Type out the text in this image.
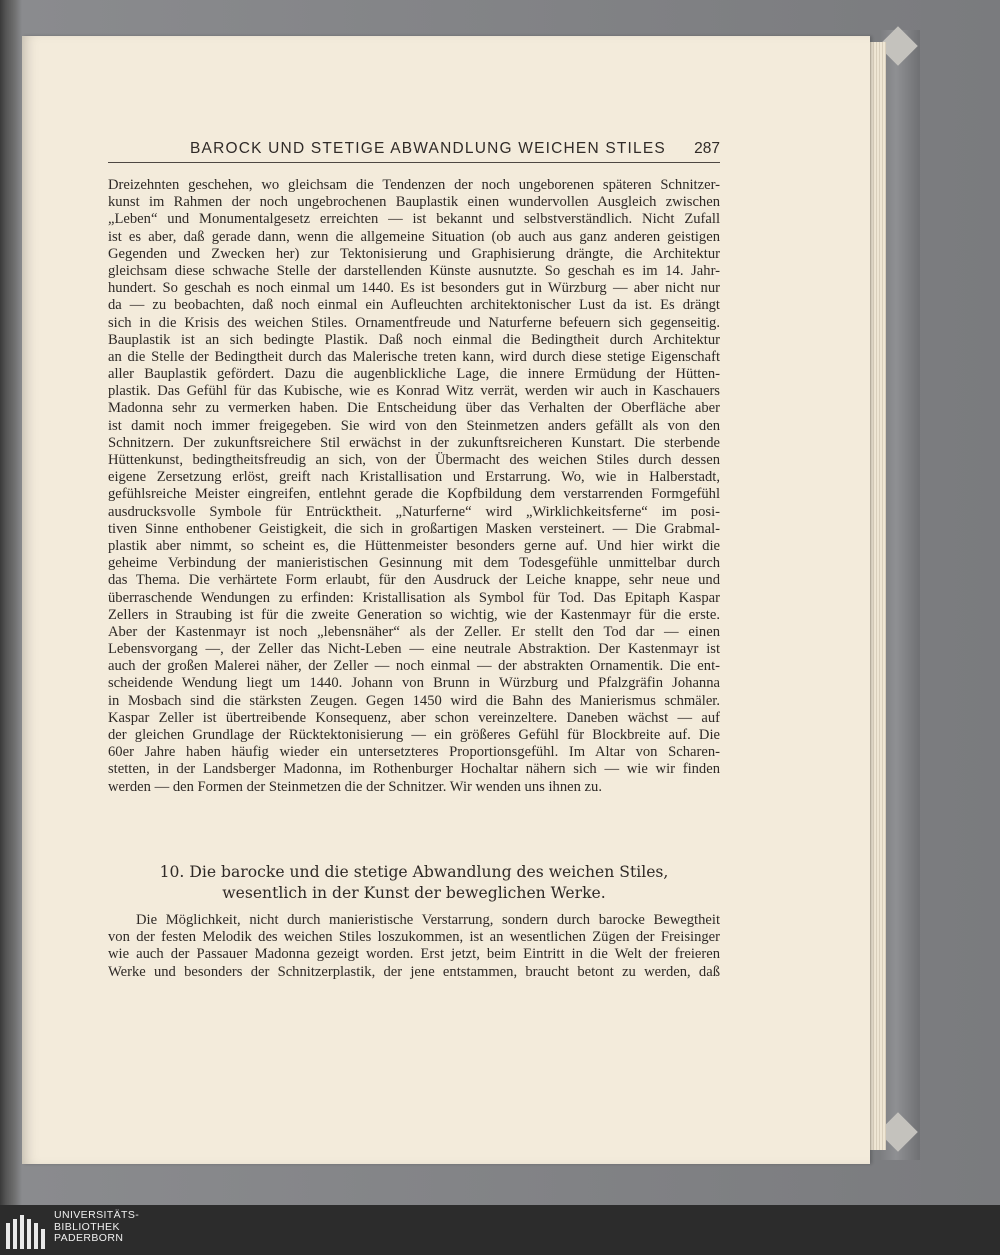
BAROCK UND STETIGE ABWANDLUNG WEICHEN STILES 287
Dreizehnten geschehen, wo gleichsam die Tendenzen der noch ungeborenen späteren Schnitzer-
kunst im Rahmen der noch ungebrochenen Bauplastik einen wundervollen Ausgleich zwischen
„Leben“ und Monumentalgesetz erreichten — ist bekannt und selbstverständlich. Nicht Zufall
ist es aber, daß gerade dann, wenn die allgemeine Situation (ob auch aus ganz anderen geistigen
Gegenden und Zwecken her) zur Tektonisierung und Graphisierung drängte, die Architektur
gleichsam diese schwache Stelle der darstellenden Künste ausnutzte. So geschah es im 14. Jahr-
hundert. So geschah es noch einmal um 1440. Es ist besonders gut in Würzburg — aber nicht nur
da — zu beobachten, daß noch einmal ein Aufleuchten architektonischer Lust da ist. Es drängt
sich in die Krisis des weichen Stiles. Ornamentfreude und Naturferne befeuern sich gegenseitig.
Bauplastik ist an sich bedingte Plastik. Daß noch einmal die Bedingtheit durch Architektur
an die Stelle der Bedingtheit durch das Malerische treten kann, wird durch diese stetige Eigenschaft
aller Bauplastik gefördert. Dazu die augenblickliche Lage, die innere Ermüdung der Hütten-
plastik. Das Gefühl für das Kubische, wie es Konrad Witz verrät, werden wir auch in Kaschauers
Madonna sehr zu vermerken haben. Die Entscheidung über das Verhalten der Oberfläche aber
ist damit noch immer freigegeben. Sie wird von den Steinmetzen anders gefällt als von den
Schnitzern. Der zukunftsreichere Stil erwächst in der zukunftsreicheren Kunstart. Die sterbende
Hüttenkunst, bedingtheitsfreudig an sich, von der Übermacht des weichen Stiles durch dessen
eigene Zersetzung erlöst, greift nach Kristallisation und Erstarrung. Wo, wie in Halberstadt,
gefühlsreiche Meister eingreifen, entlehnt gerade die Kopfbildung dem verstarrenden Formgefühl
ausdrucksvolle Symbole für Entrücktheit. „Naturferne“ wird „Wirklichkeitsferne“ im posi-
tiven Sinne enthobener Geistigkeit, die sich in großartigen Masken versteinert. — Die Grabmal-
plastik aber nimmt, so scheint es, die Hüttenmeister besonders gerne auf. Und hier wirkt die
geheime Verbindung der manieristischen Gesinnung mit dem Todesgefühle unmittelbar durch
das Thema. Die verhärtete Form erlaubt, für den Ausdruck der Leiche knappe, sehr neue und
überraschende Wendungen zu erfinden: Kristallisation als Symbol für Tod. Das Epitaph Kaspar
Zellers in Straubing ist für die zweite Generation so wichtig, wie der Kastenmayr für die erste.
Aber der Kastenmayr ist noch „lebensnäher“ als der Zeller. Er stellt den Tod dar — einen
Lebensvorgang —, der Zeller das Nicht-Leben — eine neutrale Abstraktion. Der Kastenmayr ist
auch der großen Malerei näher, der Zeller — noch einmal — der abstrakten Ornamentik. Die ent-
scheidende Wendung liegt um 1440. Johann von Brunn in Würzburg und Pfalzgräfin Johanna
in Mosbach sind die stärksten Zeugen. Gegen 1450 wird die Bahn des Manierismus schmäler.
Kaspar Zeller ist übertreibende Konsequenz, aber schon vereinzeltere. Daneben wächst — auf
der gleichen Grundlage der Rücktektonisierung — ein größeres Gefühl für Blockbreite auf. Die
60er Jahre haben häufig wieder ein untersetzteres Proportionsgefühl. Im Altar von Scharen-
stetten, in der Landsberger Madonna, im Rothenburger Hochaltar nähern sich — wie wir finden
werden — den Formen der Steinmetzen die der Schnitzer. Wir wenden uns ihnen zu.
10. Die barocke und die stetige Abwandlung des weichen Stiles,
wesentlich in der Kunst der beweglichen Werke.
Die Möglichkeit, nicht durch manieristische Verstarrung, sondern durch barocke Bewegtheit
von der festen Melodik des weichen Stiles loszukommen, ist an wesentlichen Zügen der Freisinger
wie auch der Passauer Madonna gezeigt worden. Erst jetzt, beim Eintritt in die Welt der freieren
Werke und besonders der Schnitzerplastik, der jene entstammen, braucht betont zu werden, daß
UNIVERSITÄTS-
BIBLIOTHEK
PADERBORN
